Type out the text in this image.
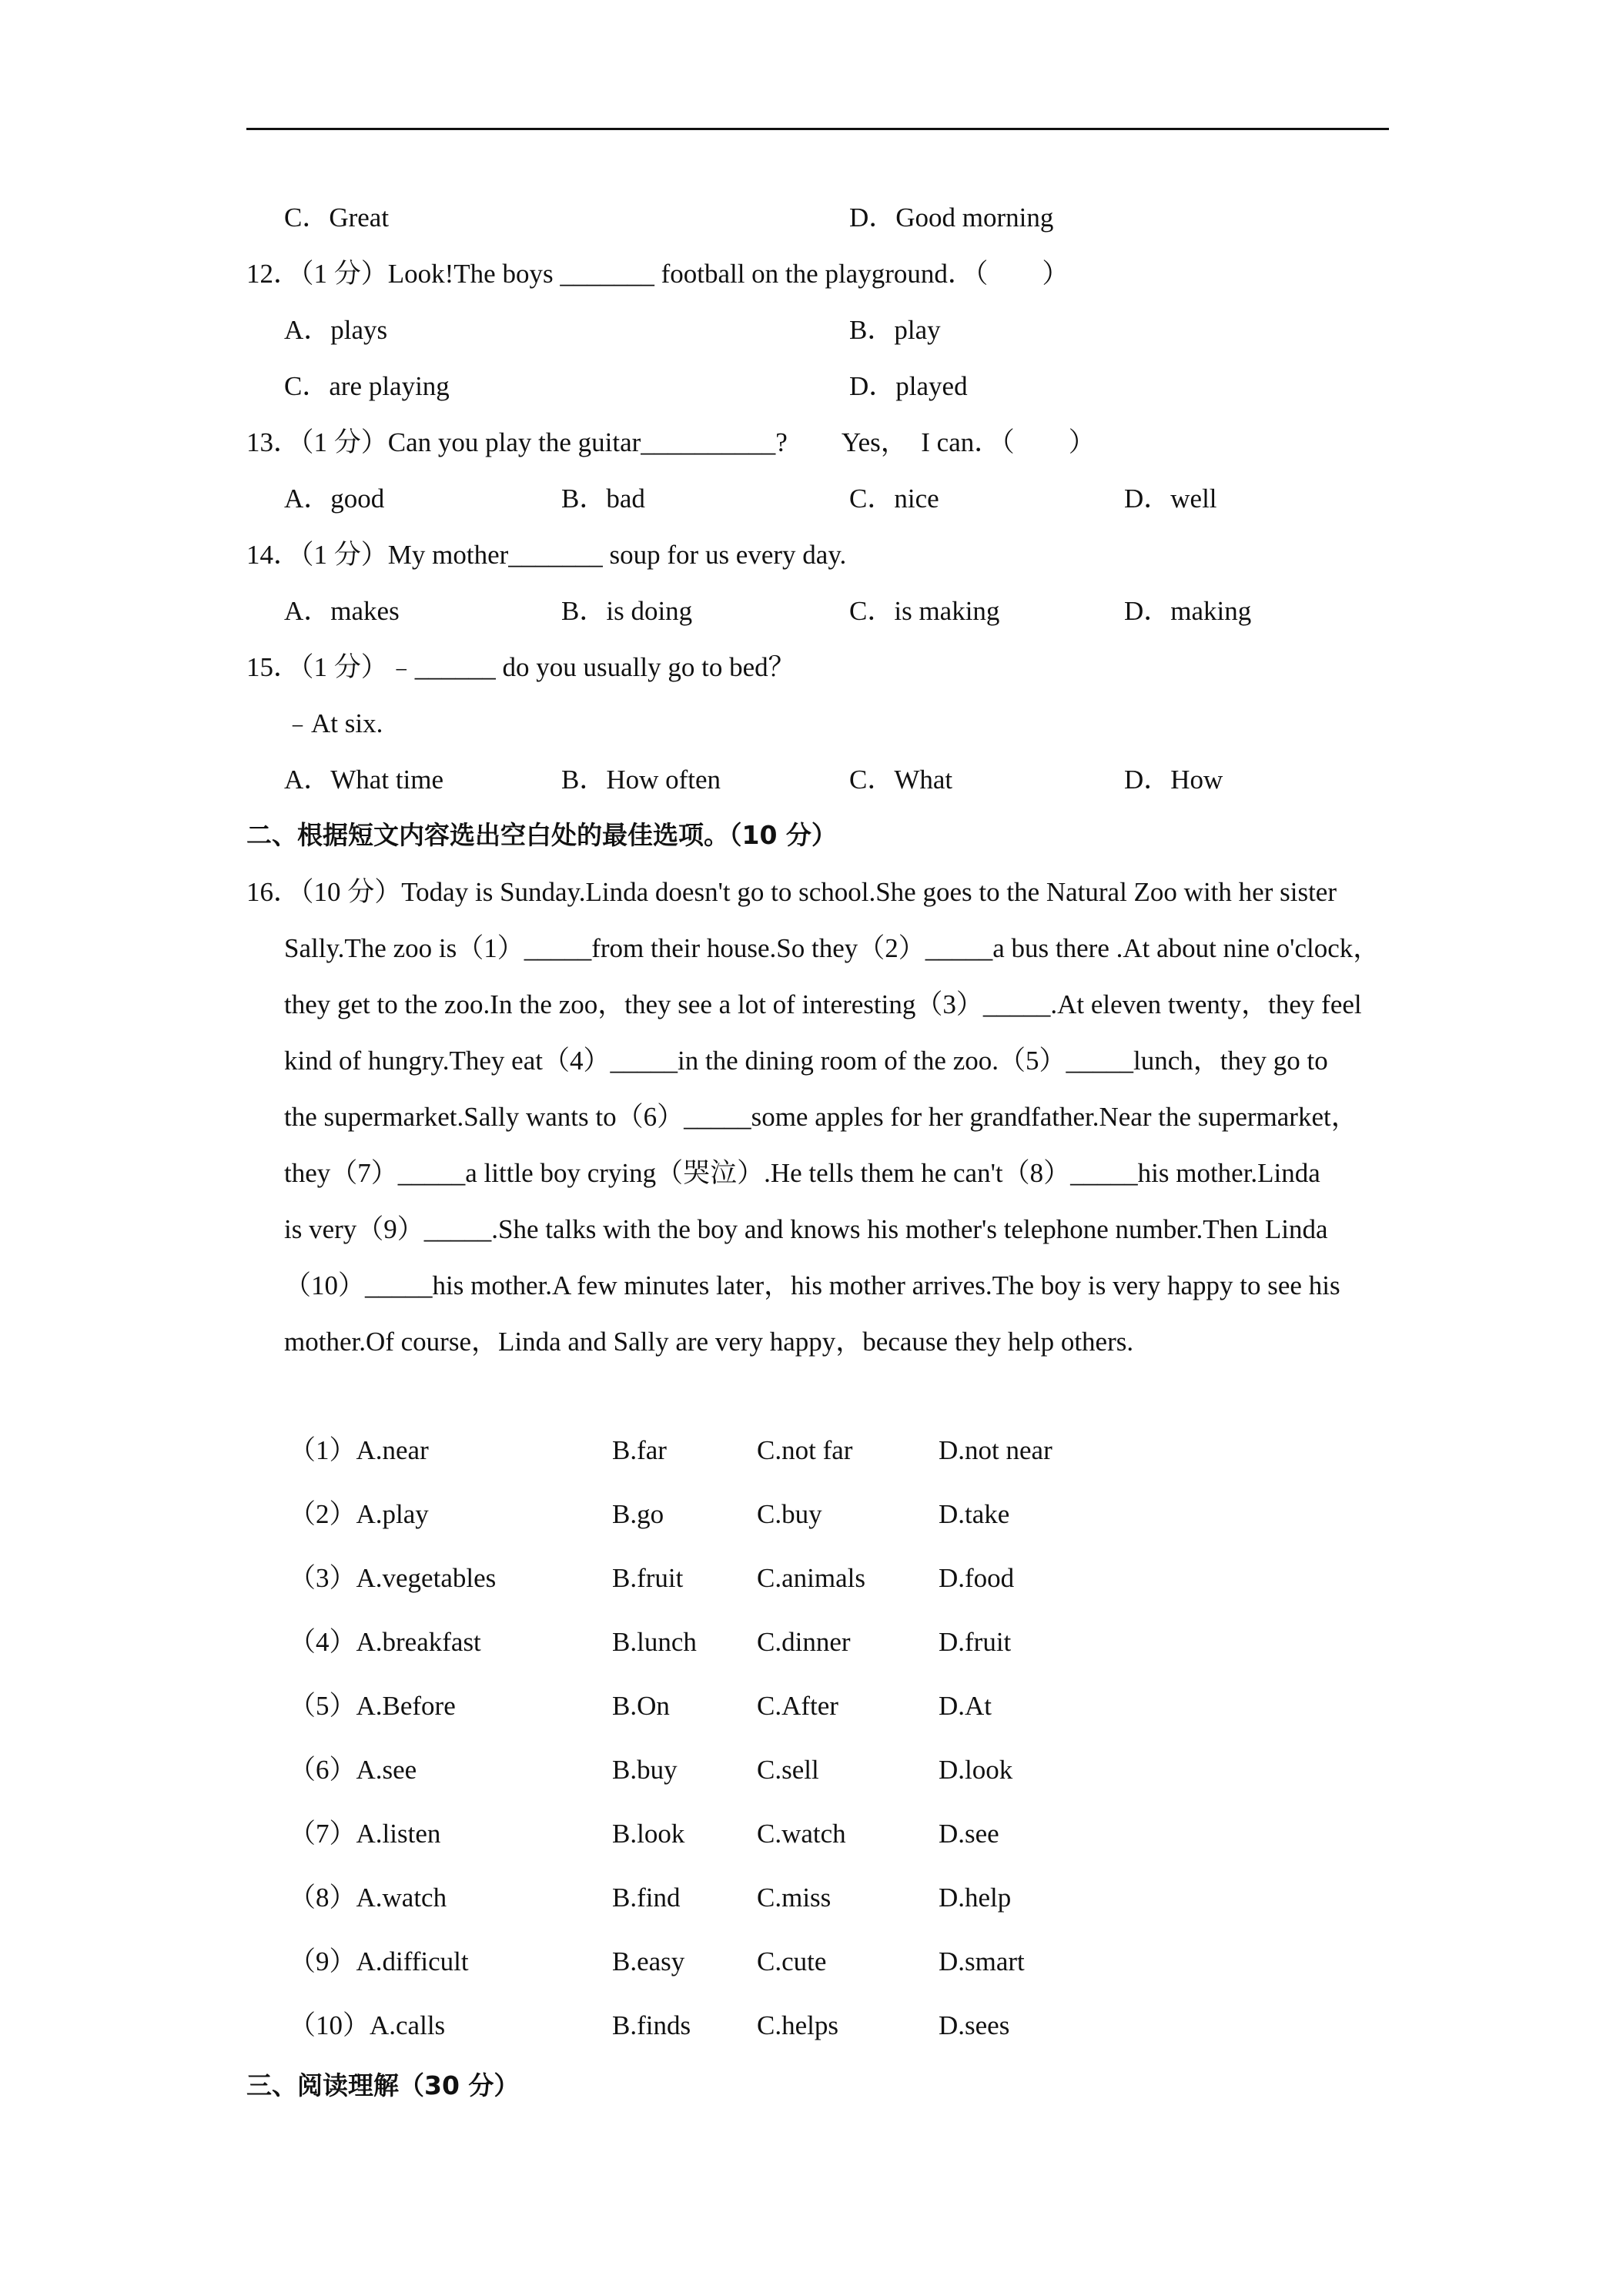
C．Great	D．Good morning
12．（1 分）Look!The boys _______ football on the playground．（　　）
A．plays	B．play
C．are playing	D．played
13．（1 分）Can you play the guitar__________?　　Yes，  I can．（　　）
A．good	B．bad	C．nice	D．well
14．（1 分）My mother_______ soup for us every day.
A．makes	B．is doing	C．is making	D．making
15．（1 分）﹣______ do you usually go to bed？
﹣At six.
A．What time	B．How often	C．What	D．How
二、根据短文内容选出空白处的最佳选项。（10 分）
16．（10 分）Today is Sunday.Linda doesn't go to school.She goes to the Natural Zoo with her sister
Sally.The zoo is（1）_____from their house.So they（2）_____a bus there .At about nine o'clock，
they get to the zoo.In the zoo，they see a lot of interesting（3）_____.At eleven twenty，they feel
kind of hungry.They eat（4）_____in the dining room of the zoo.（5）_____lunch，they go to
the supermarket.Sally wants to（6）_____some apples for her grandfather.Near the supermarket，
they（7）_____a little boy crying（哭泣）.He tells them he can't（8）_____his mother.Linda
is very（9）_____.She talks with the boy and knows his mother's telephone number.Then Linda
（10）_____his mother.A few minutes later，his mother arrives.The boy is very happy to see his
mother.Of course，Linda and Sally are very happy，because they help others.
（1）A.near	B.far	C.not far	D.not near
（2）A.play	B.go	C.buy	D.take
（3）A.vegetables	B.fruit	C.animals	D.food
（4）A.breakfast	B.lunch C.dinner	D.fruit
（5）A.Before	B.On	C.After	D.At
（6）A.see	B.buy	C.sell	D.look
（7）A.listen	B.look	C.watch	D.see
（8）A.watch	B.find	C.miss	D.help
（9）A.difficult	B.easy	C.cute	D.smart
（10）A.calls	B.finds C.helps	D.sees
三、阅读理解（30 分）
